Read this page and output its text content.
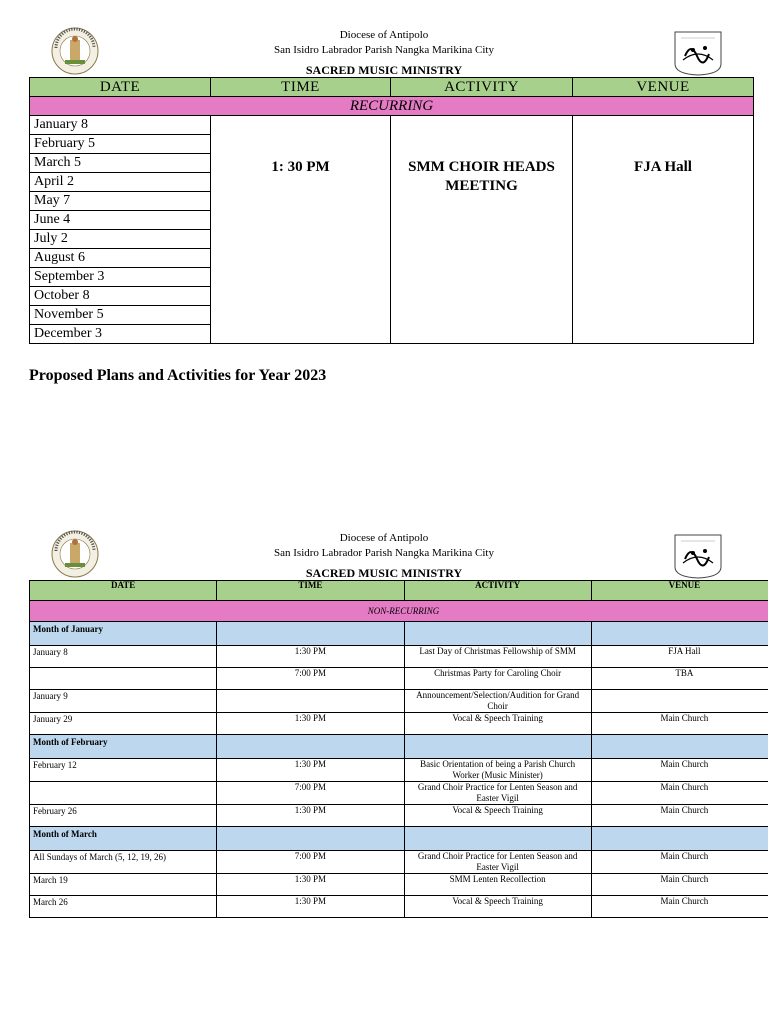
Diocese of Antipolo
San Isidro Labrador Parish Nangka Marikina City
SACRED MUSIC MINISTRY
DATE	TIME	ACTIVITY	VENUE
RECURRING			
January 8	1: 30 PM	SMM CHOIR HEADS MEETING	FJA Hall
February 5			
March 5			
April 2			
May 7			
June 4			
July 2			
August 6			
September 3			
October 8			
November 5			
December 3			
Proposed Plans and Activities for Year 2023
Diocese of Antipolo
San Isidro Labrador Parish Nangka Marikina City
SACRED MUSIC MINISTRY
DATE	TIME	ACTIVITY	VENUE
NON-RECURRING			
Month of January			
January 8	1:30 PM	Last Day of Christmas Fellowship of SMM	FJA Hall
	7:00 PM	Christmas Party for Caroling Choir	TBA
January 9		Announcement/Selection/Audition for Grand Choir	
January 29	1:30 PM	Vocal & Speech Training	Main Church
Month of February			
February 12	1:30 PM	Basic Orientation of being a Parish Church Worker (Music Minister)	Main Church
	7:00 PM	Grand Choir Practice for Lenten Season and Easter Vigil	Main Church
February 26	1:30 PM	Vocal & Speech Training	Main Church
Month of March			
All Sundays of March (5, 12, 19, 26)	7:00 PM	Grand Choir Practice for Lenten Season and Easter Vigil	Main Church
March 19	1:30 PM	SMM Lenten Recollection	Main Church
March 26	1:30 PM	Vocal & Speech Training	Main Church
